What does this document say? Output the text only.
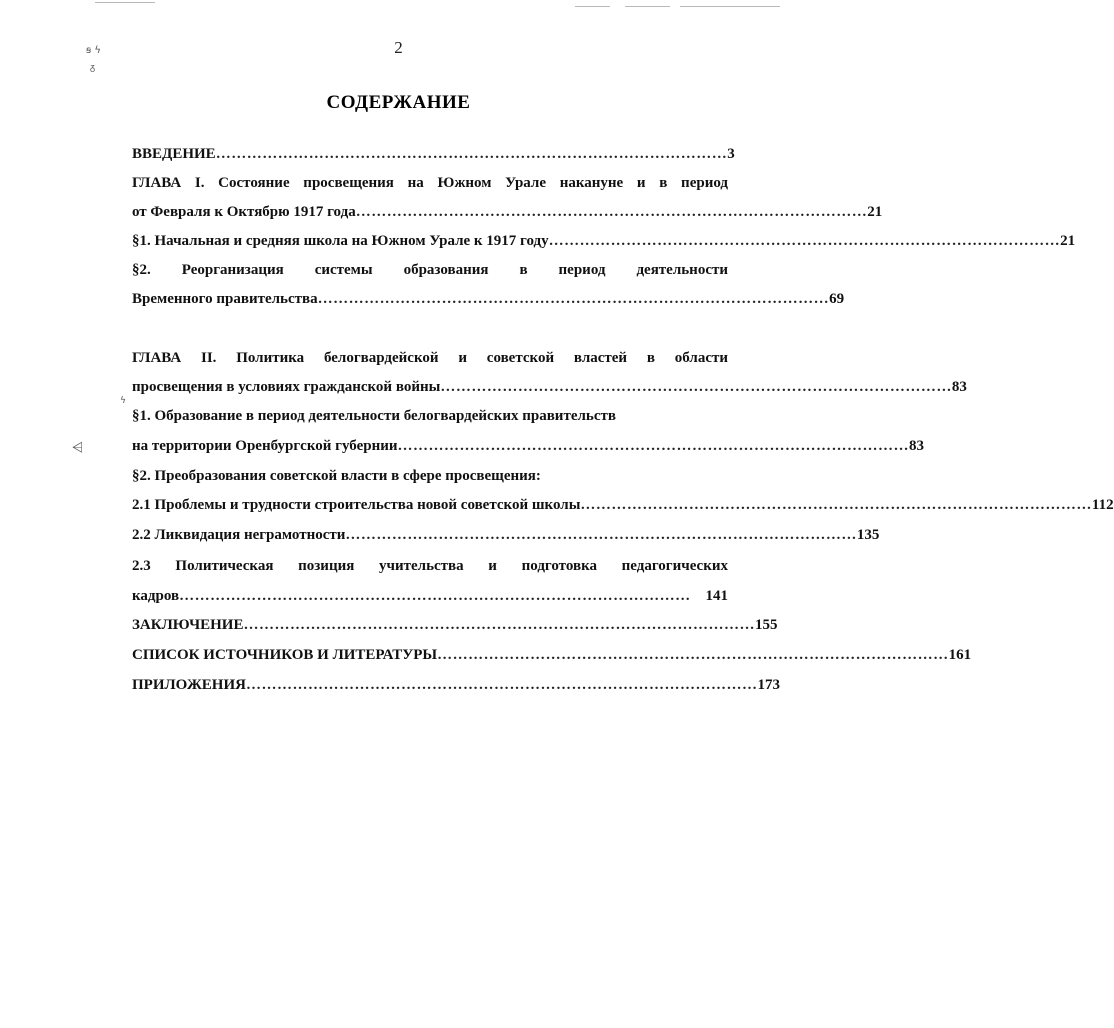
ꞩ ϟ
ᵹ
ϟ
⩤
2
СОДЕРЖАНИЕ
ВВЕДЕНИЕ ……………………………………………………………………………………… 3
ГЛАВА I. Состояние просвещения на Южном Урале накануне и в период
от Февраля к Октябрю 1917 года ……………………………………………………………………………………… 21
§1. Начальная и средняя школа на Южном Урале к 1917 году ……………………………………………………………………………………… 21
§2. Реорганизация системы образования в период деятельности
Временного правительства ……………………………………………………………………………………… 69
ГЛАВА II. Политика белогвардейской и советской властей в области
просвещения в условиях гражданской войны ……………………………………………………………………………………… 83
§1. Образование в период деятельности белогвардейских правительств
на территории Оренбургской губернии ……………………………………………………………………………………… 83
§2. Преобразования советской власти в сфере просвещения:
2.1 Проблемы и трудности строительства новой советской школы ……………………………………………………………………………………… 112
2.2 Ликвидация неграмотности ……………………………………………………………………………………… 135
2.3 Политическая позиция учительства и подготовка педагогических
кадров ……………………………………………………………………………………… 141
ЗАКЛЮЧЕНИЕ ……………………………………………………………………………………… 155
СПИСОК ИСТОЧНИКОВ И ЛИТЕРАТУРЫ ……………………………………………………………………………………… 161
ПРИЛОЖЕНИЯ ……………………………………………………………………………………… 173
